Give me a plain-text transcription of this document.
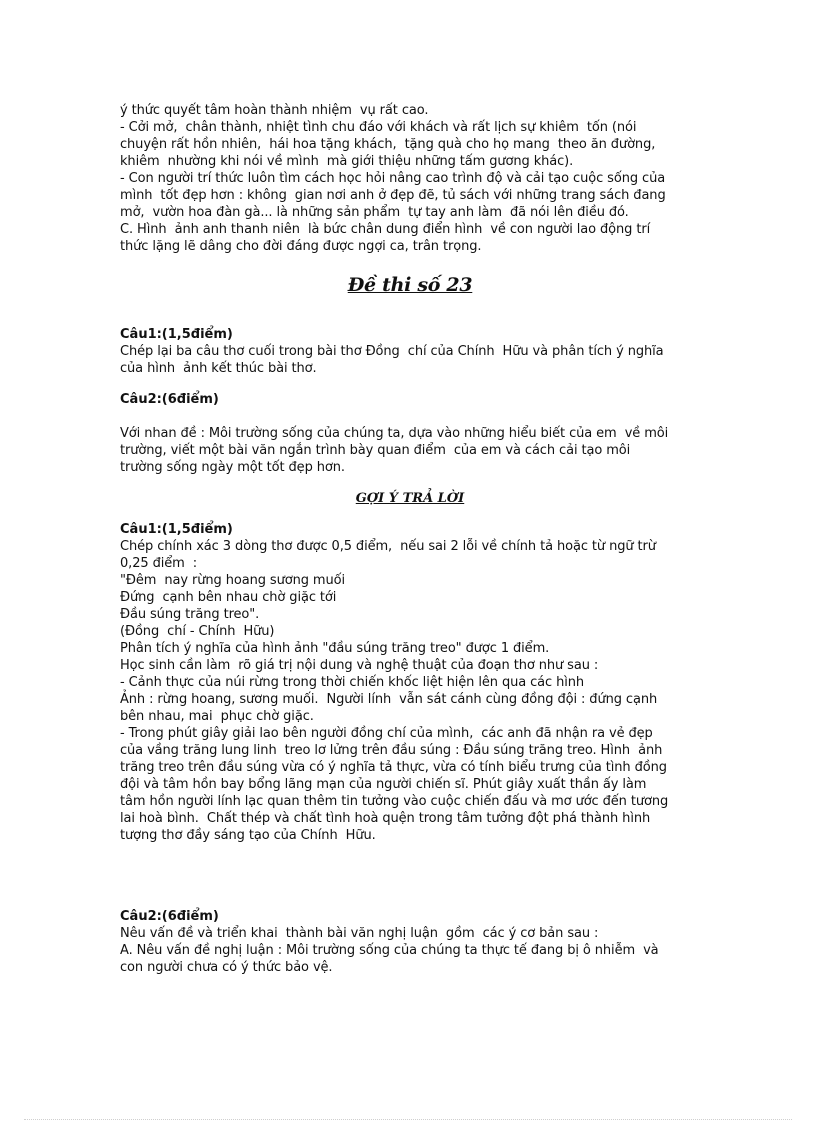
ý thức quyết tâm hoàn thành nhiệm  vụ rất cao.

- Cởi mở,  chân thành, nhiệt tình chu đáo với khách và rất lịch sự khiêm  tốn (nói

chuyện rất hồn nhiên,  hái hoa tặng khách,  tặng quà cho họ mang  theo ăn đường,

khiêm  nhường khi nói về mình  mà giới thiệu những tấm gương khác).

- Con người trí thức luôn tìm cách học hỏi nâng cao trình độ và cải tạo cuộc sống của

mình  tốt đẹp hơn : không  gian nơi anh ở đẹp đẽ, tủ sách với những trang sách đang

mở,  vườn hoa đàn gà... là những sản phẩm  tự tay anh làm  đã nói lên điều đó.

C. Hình  ảnh anh thanh niên  là bức chân dung điển hình  về con người lao động trí

thức lặng lẽ dâng cho đời đáng được ngợi ca, trân trọng.

Đề thi số 23

Câu1:(1,5điểm)

Chép lại ba câu thơ cuối trong bài thơ Đồng  chí của Chính  Hữu và phân tích ý nghĩa

của hình  ảnh kết thúc bài thơ.

Câu2:(6điểm)

Với nhan đề : Môi trường sống của chúng ta, dựa vào những hiểu biết của em  về môi

trường, viết một bài văn ngắn trình bày quan điểm  của em và cách cải tạo môi

trường sống ngày một tốt đẹp hơn.

GỢI Ý TRẢ LỜI

Câu1:(1,5điểm)

Chép chính xác 3 dòng thơ được 0,5 điểm,  nếu sai 2 lỗi về chính tả hoặc từ ngữ trừ

0,25 điểm  :

"Đêm  nay rừng hoang sương muối

Đứng  cạnh bên nhau chờ giặc tới

Đầu súng trăng treo".

(Đồng  chí - Chính  Hữu)

Phân tích ý nghĩa của hình ảnh "đầu súng trăng treo" được 1 điểm.

Học sinh cần làm  rõ giá trị nội dung và nghệ thuật của đoạn thơ như sau :

- Cảnh thực của núi rừng trong thời chiến khốc liệt hiện lên qua các hình

Ảnh : rừng hoang, sương muối.  Người lính  vẫn sát cánh cùng đồng đội : đứng cạnh

bên nhau, mai  phục chờ giặc.

- Trong phút giây giải lao bên người đồng chí của mình,  các anh đã nhận ra vẻ đẹp

của vầng trăng lung linh  treo lơ lửng trên đầu súng : Đầu súng trăng treo. Hình  ảnh

trăng treo trên đầu súng vừa có ý nghĩa tả thực, vừa có tính biểu trưng của tình đồng

đội và tâm hồn bay bổng lãng mạn của người chiến sĩ. Phút giây xuất thần ấy làm

tâm hồn người lính lạc quan thêm tin tưởng vào cuộc chiến đấu và mơ ước đến tương

lai hoà bình.  Chất thép và chất tình hoà quện trong tâm tưởng đột phá thành hình

tượng thơ đầy sáng tạo của Chính  Hữu.

Câu2:(6điểm)

Nêu vấn đề và triển khai  thành bài văn nghị luận  gồm  các ý cơ bản sau :

A. Nêu vấn đề nghị luận : Môi trường sống của chúng ta thực tế đang bị ô nhiễm  và

con người chưa có ý thức bảo vệ.
